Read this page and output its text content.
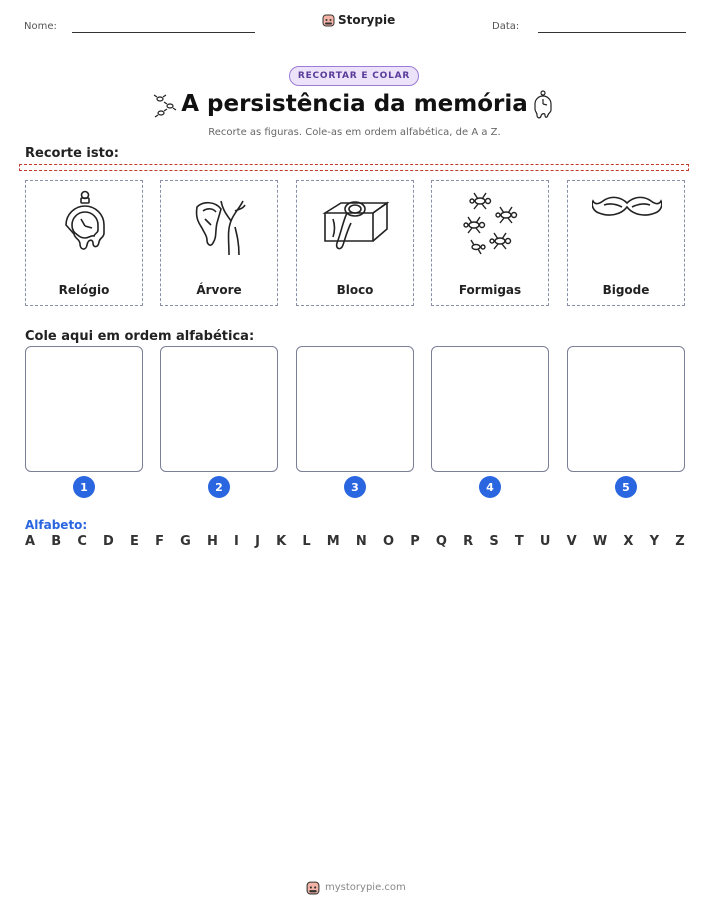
Nome:	Storypie	Data:
RECORTAR E COLAR
A persistência da memória
Recorte as figuras. Cole-as em ordem alfabética, de A a Z.
Recorte isto:
Relógio	Árvore	Bloco	Formigas	Bigode
Cole aqui em ordem alfabética:
1	2	3	4	5
Alfabeto:
A B C D E F G H I J K L M N O P Q R S T U V W X Y Z
mystorypie.com
